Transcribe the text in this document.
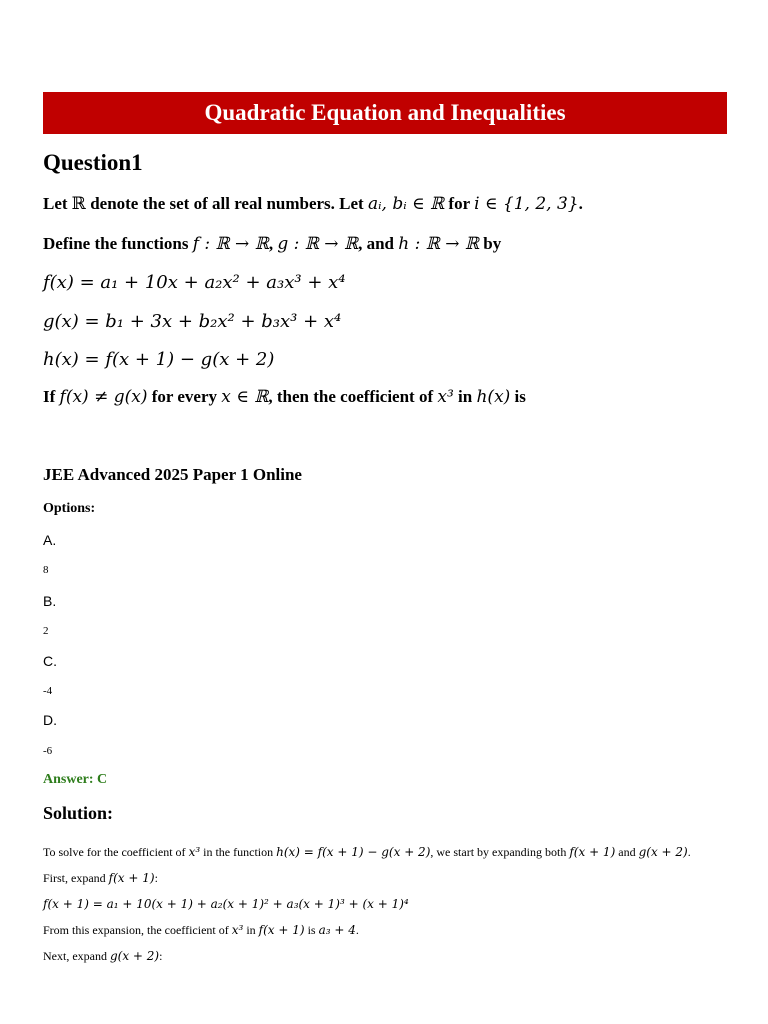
Quadratic Equation and Inequalities
Question1
Let ℝ denote the set of all real numbers. Let aᵢ, bᵢ ∈ ℝ for i ∈ {1, 2, 3}.
Define the functions f : ℝ → ℝ, g : ℝ → ℝ, and h : ℝ → ℝ by
f(x) = a₁ + 10x + a₂x² + a₃x³ + x⁴
g(x) = b₁ + 3x + b₂x² + b₃x³ + x⁴
h(x) = f(x + 1) − g(x + 2)
If f(x) ≠ g(x) for every x ∈ ℝ, then the coefficient of x³ in h(x) is
JEE Advanced 2025 Paper 1 Online
Options:
A.
8
B.
2
C.
-4
D.
-6
Answer: C
Solution:
To solve for the coefficient of x³ in the function h(x) = f(x + 1) − g(x + 2), we start by expanding both f(x + 1) and g(x + 2).
First, expand f(x + 1):
f(x + 1) = a₁ + 10(x + 1) + a₂(x + 1)² + a₃(x + 1)³ + (x + 1)⁴
From this expansion, the coefficient of x³ in f(x + 1) is a₃ + 4.
Next, expand g(x + 2):
